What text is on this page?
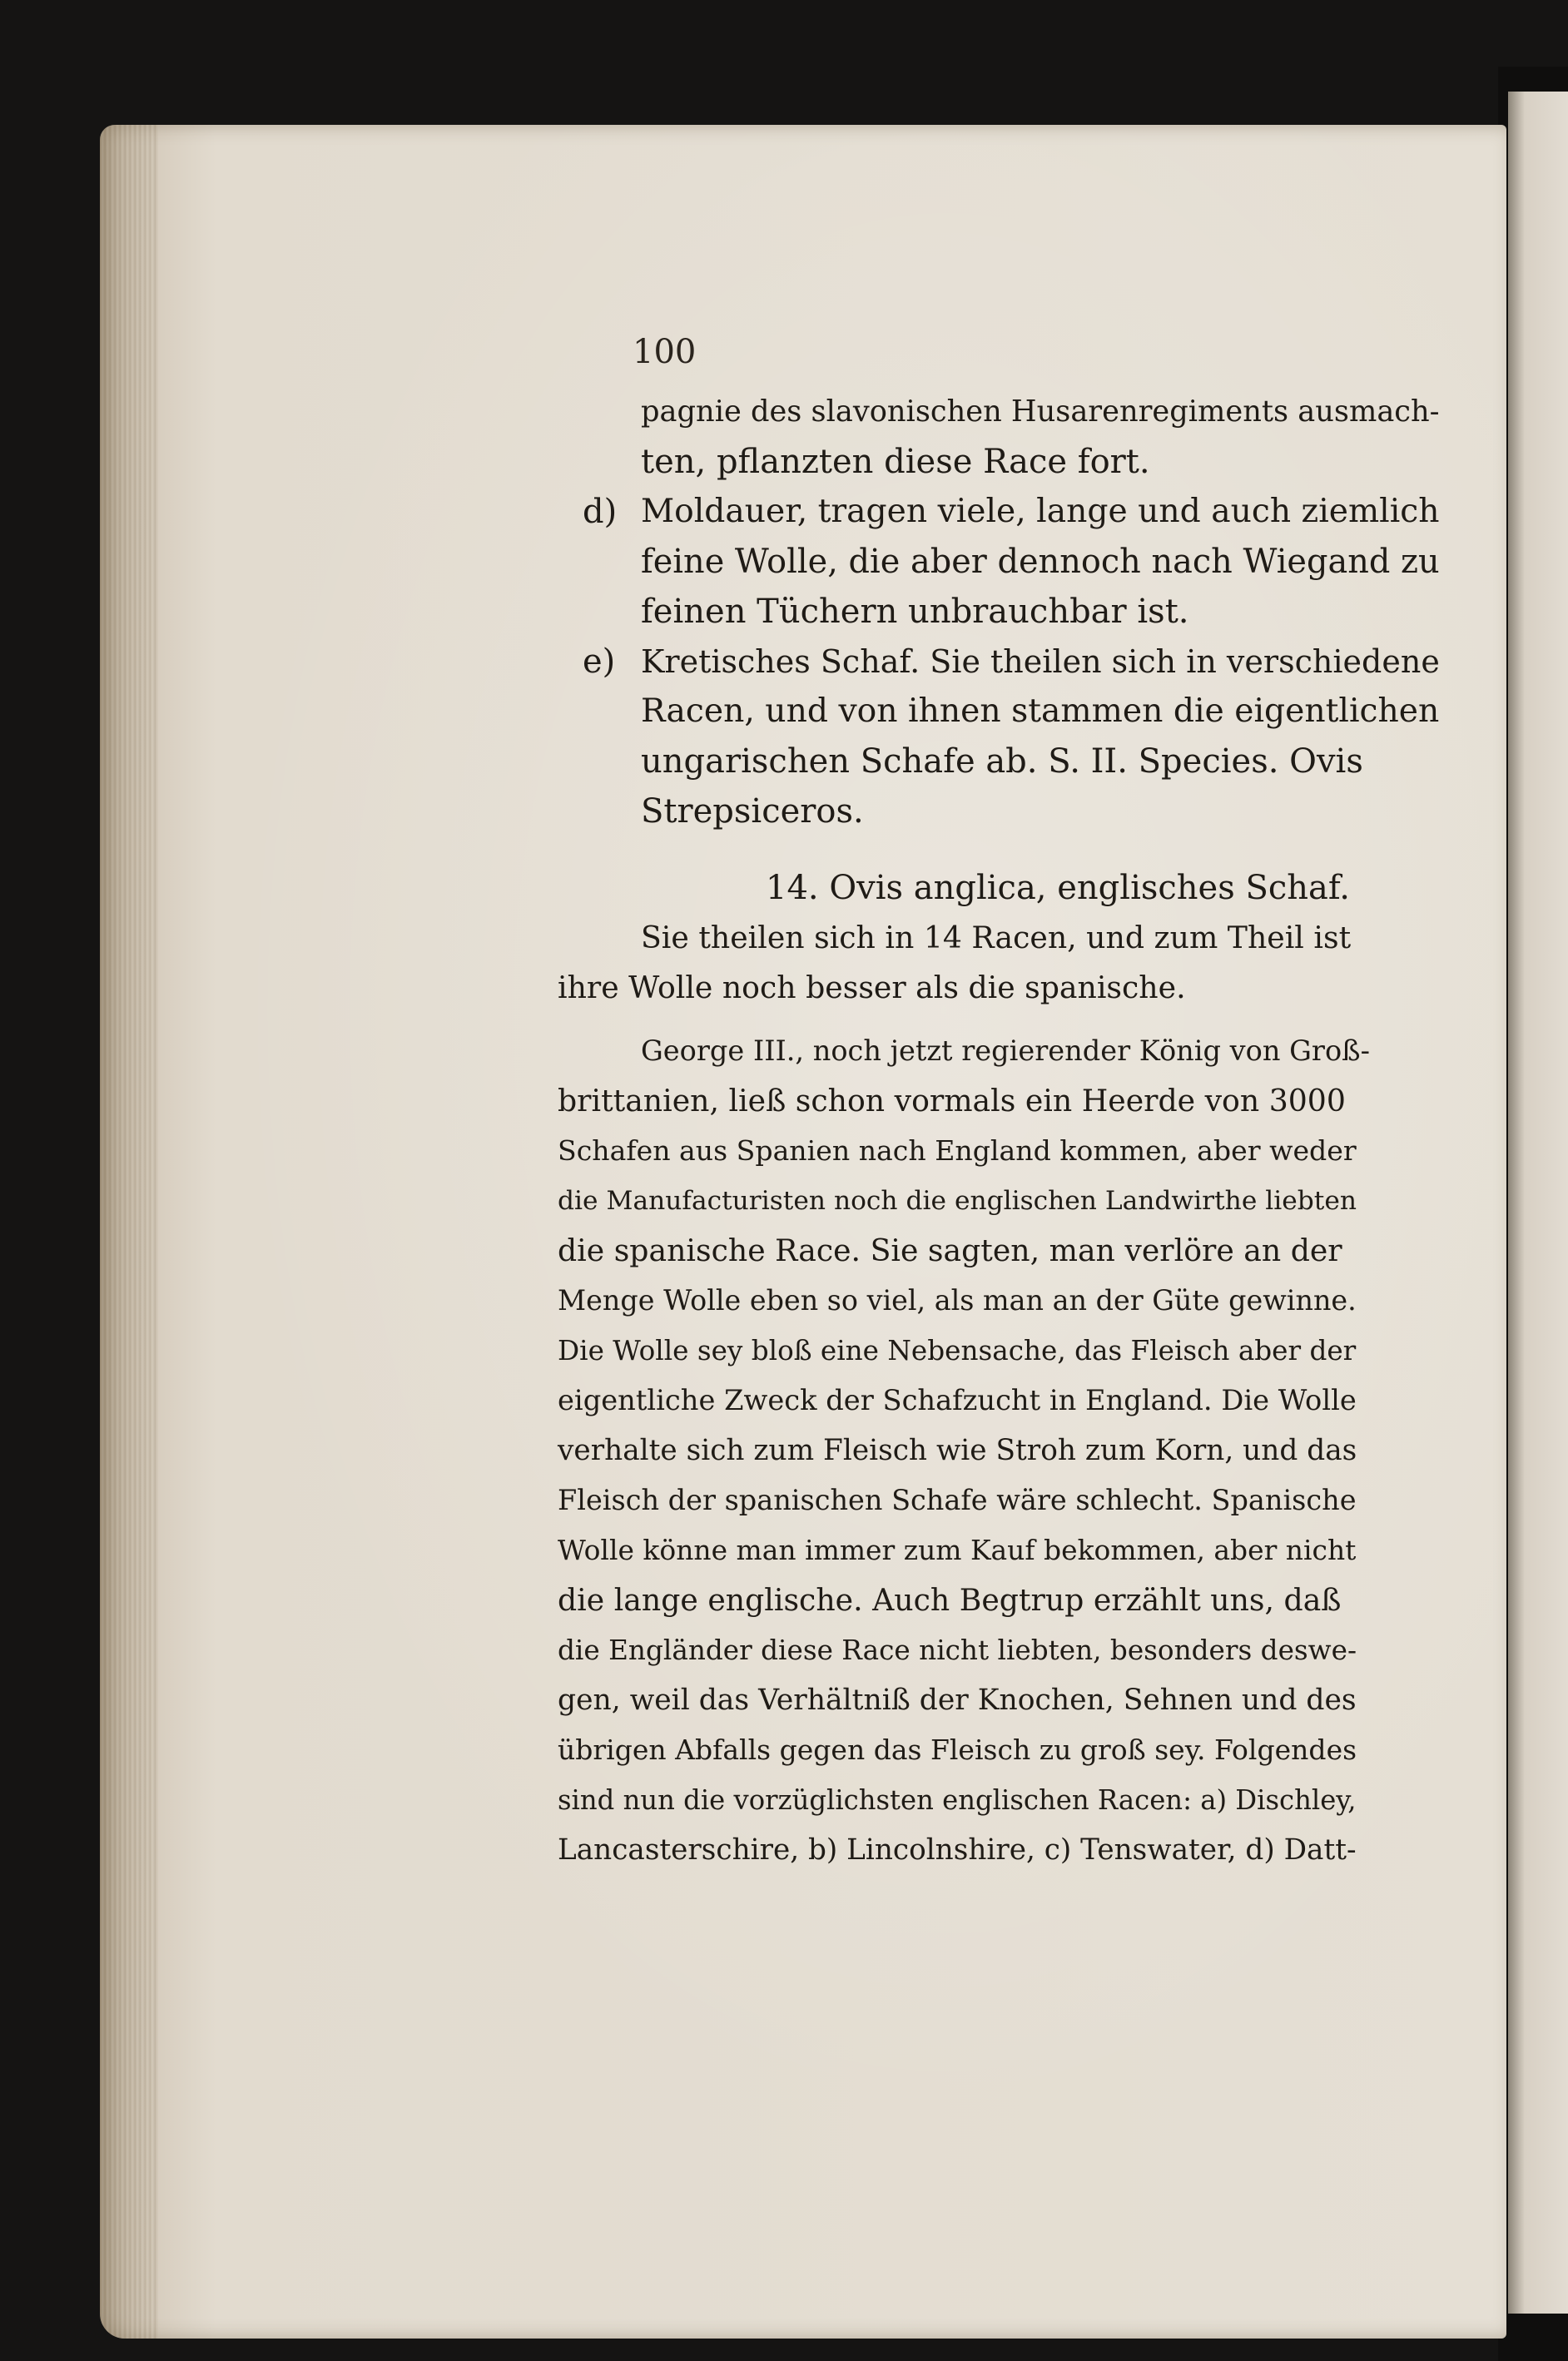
100
pagnie des slavonischen Husarenregiments ausmach-
ten, pflanzten diese Race fort.
d) Moldauer, tragen viele, lange und auch ziemlich
feine Wolle, die aber dennoch nach Wiegand zu
feinen Tüchern unbrauchbar ist.
e) Kretisches Schaf. Sie theilen sich in verschiedene
Racen, und von ihnen stammen die eigentlichen
ungarischen Schafe ab. S. II. Species. Ovis
Strepsiceros.
14. Ovis anglica, englisches Schaf.
Sie theilen sich in 14 Racen, und zum Theil ist
ihre Wolle noch besser als die spanische.
George III., noch jetzt regierender König von Groß-
brittanien, ließ schon vormals ein Heerde von 3000
Schafen aus Spanien nach England kommen, aber weder
die Manufacturisten noch die englischen Landwirthe liebten
die spanische Race. Sie sagten, man verlöre an der
Menge Wolle eben so viel, als man an der Güte gewinne.
Die Wolle sey bloß eine Nebensache, das Fleisch aber der
eigentliche Zweck der Schafzucht in England. Die Wolle
verhalte sich zum Fleisch wie Stroh zum Korn, und das
Fleisch der spanischen Schafe wäre schlecht. Spanische
Wolle könne man immer zum Kauf bekommen, aber nicht
die lange englische. Auch Begtrup erzählt uns, daß
die Engländer diese Race nicht liebten, besonders deswe-
gen, weil das Verhältniß der Knochen, Sehnen und des
übrigen Abfalls gegen das Fleisch zu groß sey. Folgendes
sind nun die vorzüglichsten englischen Racen: a) Dischley,
Lancasterschire, b) Lincolnshire, c) Tenswater, d) Datt-
